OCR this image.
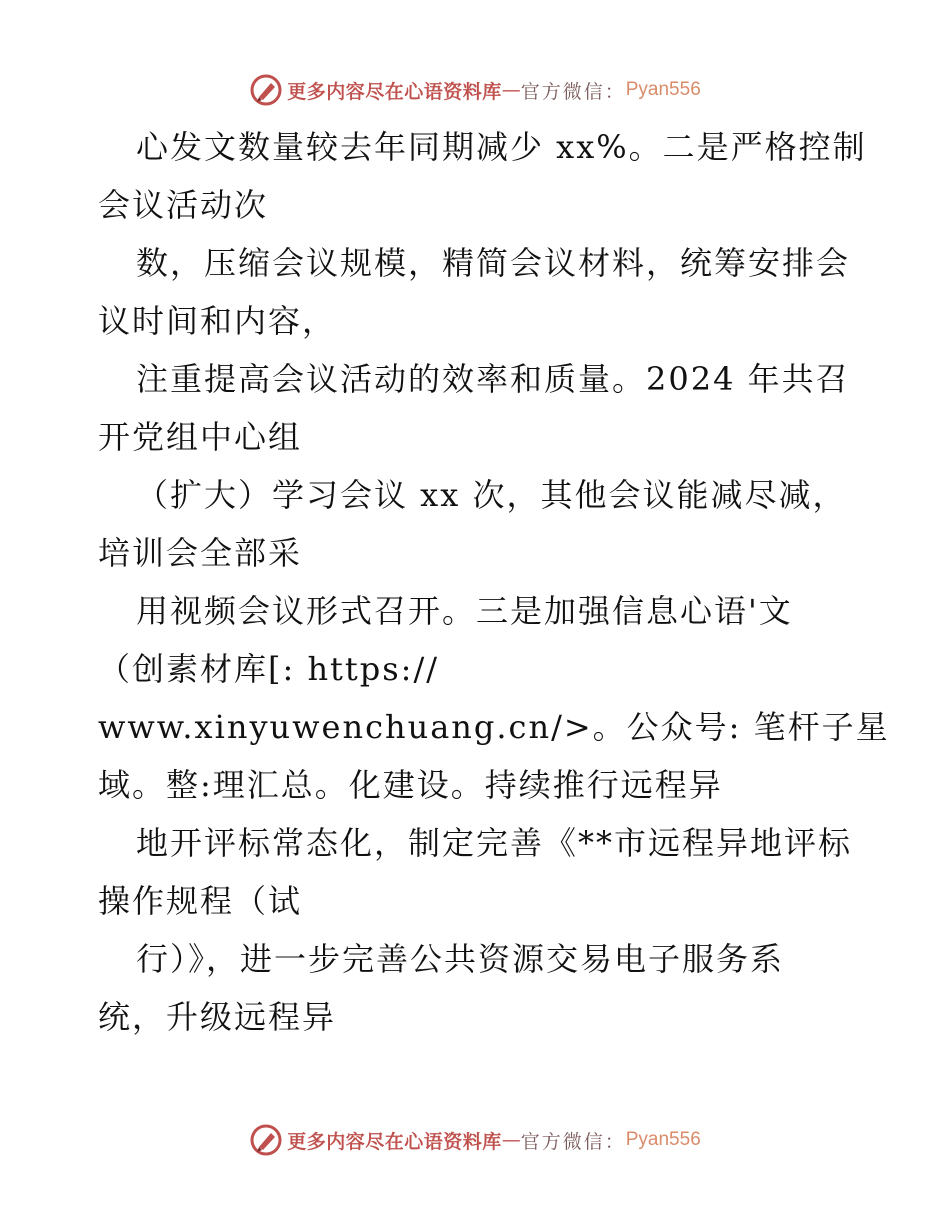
更多内容尽在心语资料库 — 官方微信： Pyan556
心发文数量较去年同期减少 xx%。二是严格控制
会议活动次
数，压缩会议规模，精简会议材料，统筹安排会
议时间和内容，
注重提高会议活动的效率和质量。2024 年共召
开党组中心组
（扩大）学习会议 xx 次，其他会议能减尽减，
培训会全部采
用视频会议形式召开。三是加强信息心语'文
（创素材库[: https://
www.xinyuwenchuang.cn/>。公众号: 笔杆子星
域。整:理汇总。化建设。持续推行远程异
地开评标常态化，制定完善《**市远程异地评标
操作规程（试
行）》，进一步完善公共资源交易电子服务系
统，升级远程异
更多内容尽在心语资料库 — 官方微信： Pyan556
